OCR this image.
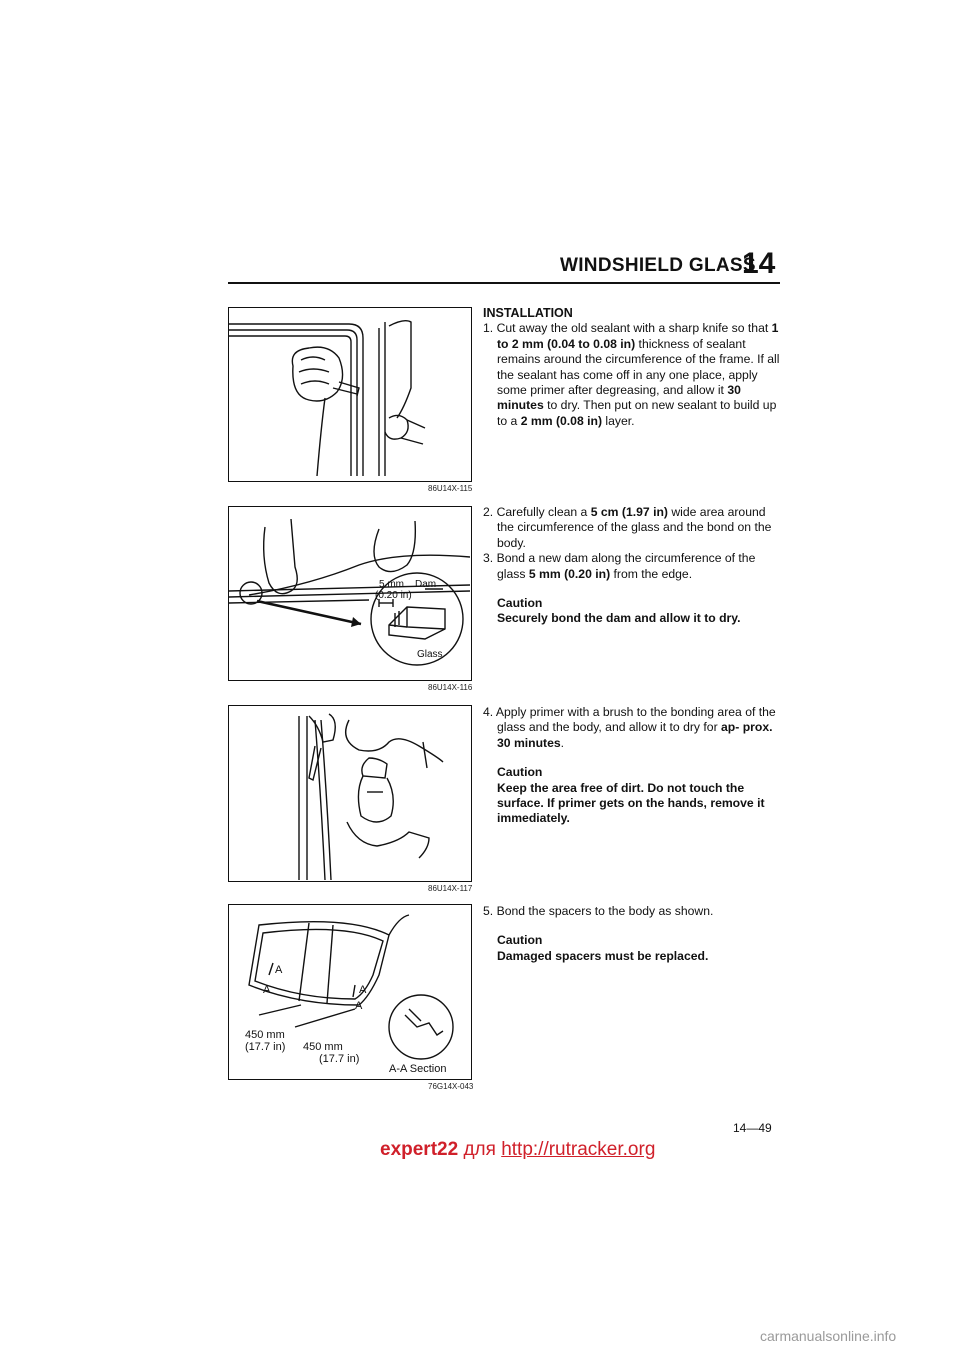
WINDSHIELD GLASS
14
86U14X-115
5 mm Dam
(0.20 in)
Glass
86U14X-116
86U14X-117
A
A	A
A
450 mm
(17.7 in) 450 mm
(17.7 in)
A-A Section
76G14X-043
INSTALLATION

1. Cut away the old sealant with a sharp knife so that 1 to 2 mm (0.04 to 0.08 in) thickness of sealant remains around the circumference of the frame. If all the sealant has come off in any one place, apply some primer after degreasing, and allow it 30 minutes to dry. Then put on new sealant to build up to a 2 mm (0.08 in) layer.

2. Carefully clean a 5 cm (1.97 in) wide area around the circumference of the glass and the bond on the body.

3. Bond a new dam along the circumference of the glass 5 mm (0.20 in) from the edge.

Caution
Securely bond the dam and allow it to dry.

4. Apply primer with a brush to the bonding area of the glass and the body, and allow it to dry for ap- prox. 30 minutes.

Caution
Keep the area free of dirt. Do not touch the surface. If primer gets on the hands, remove it immediately.

5. Bond the spacers to the body as shown.

Caution
Damaged spacers must be replaced.
14—49
expert22 для http://rutracker.org
carmanualsonline.info
